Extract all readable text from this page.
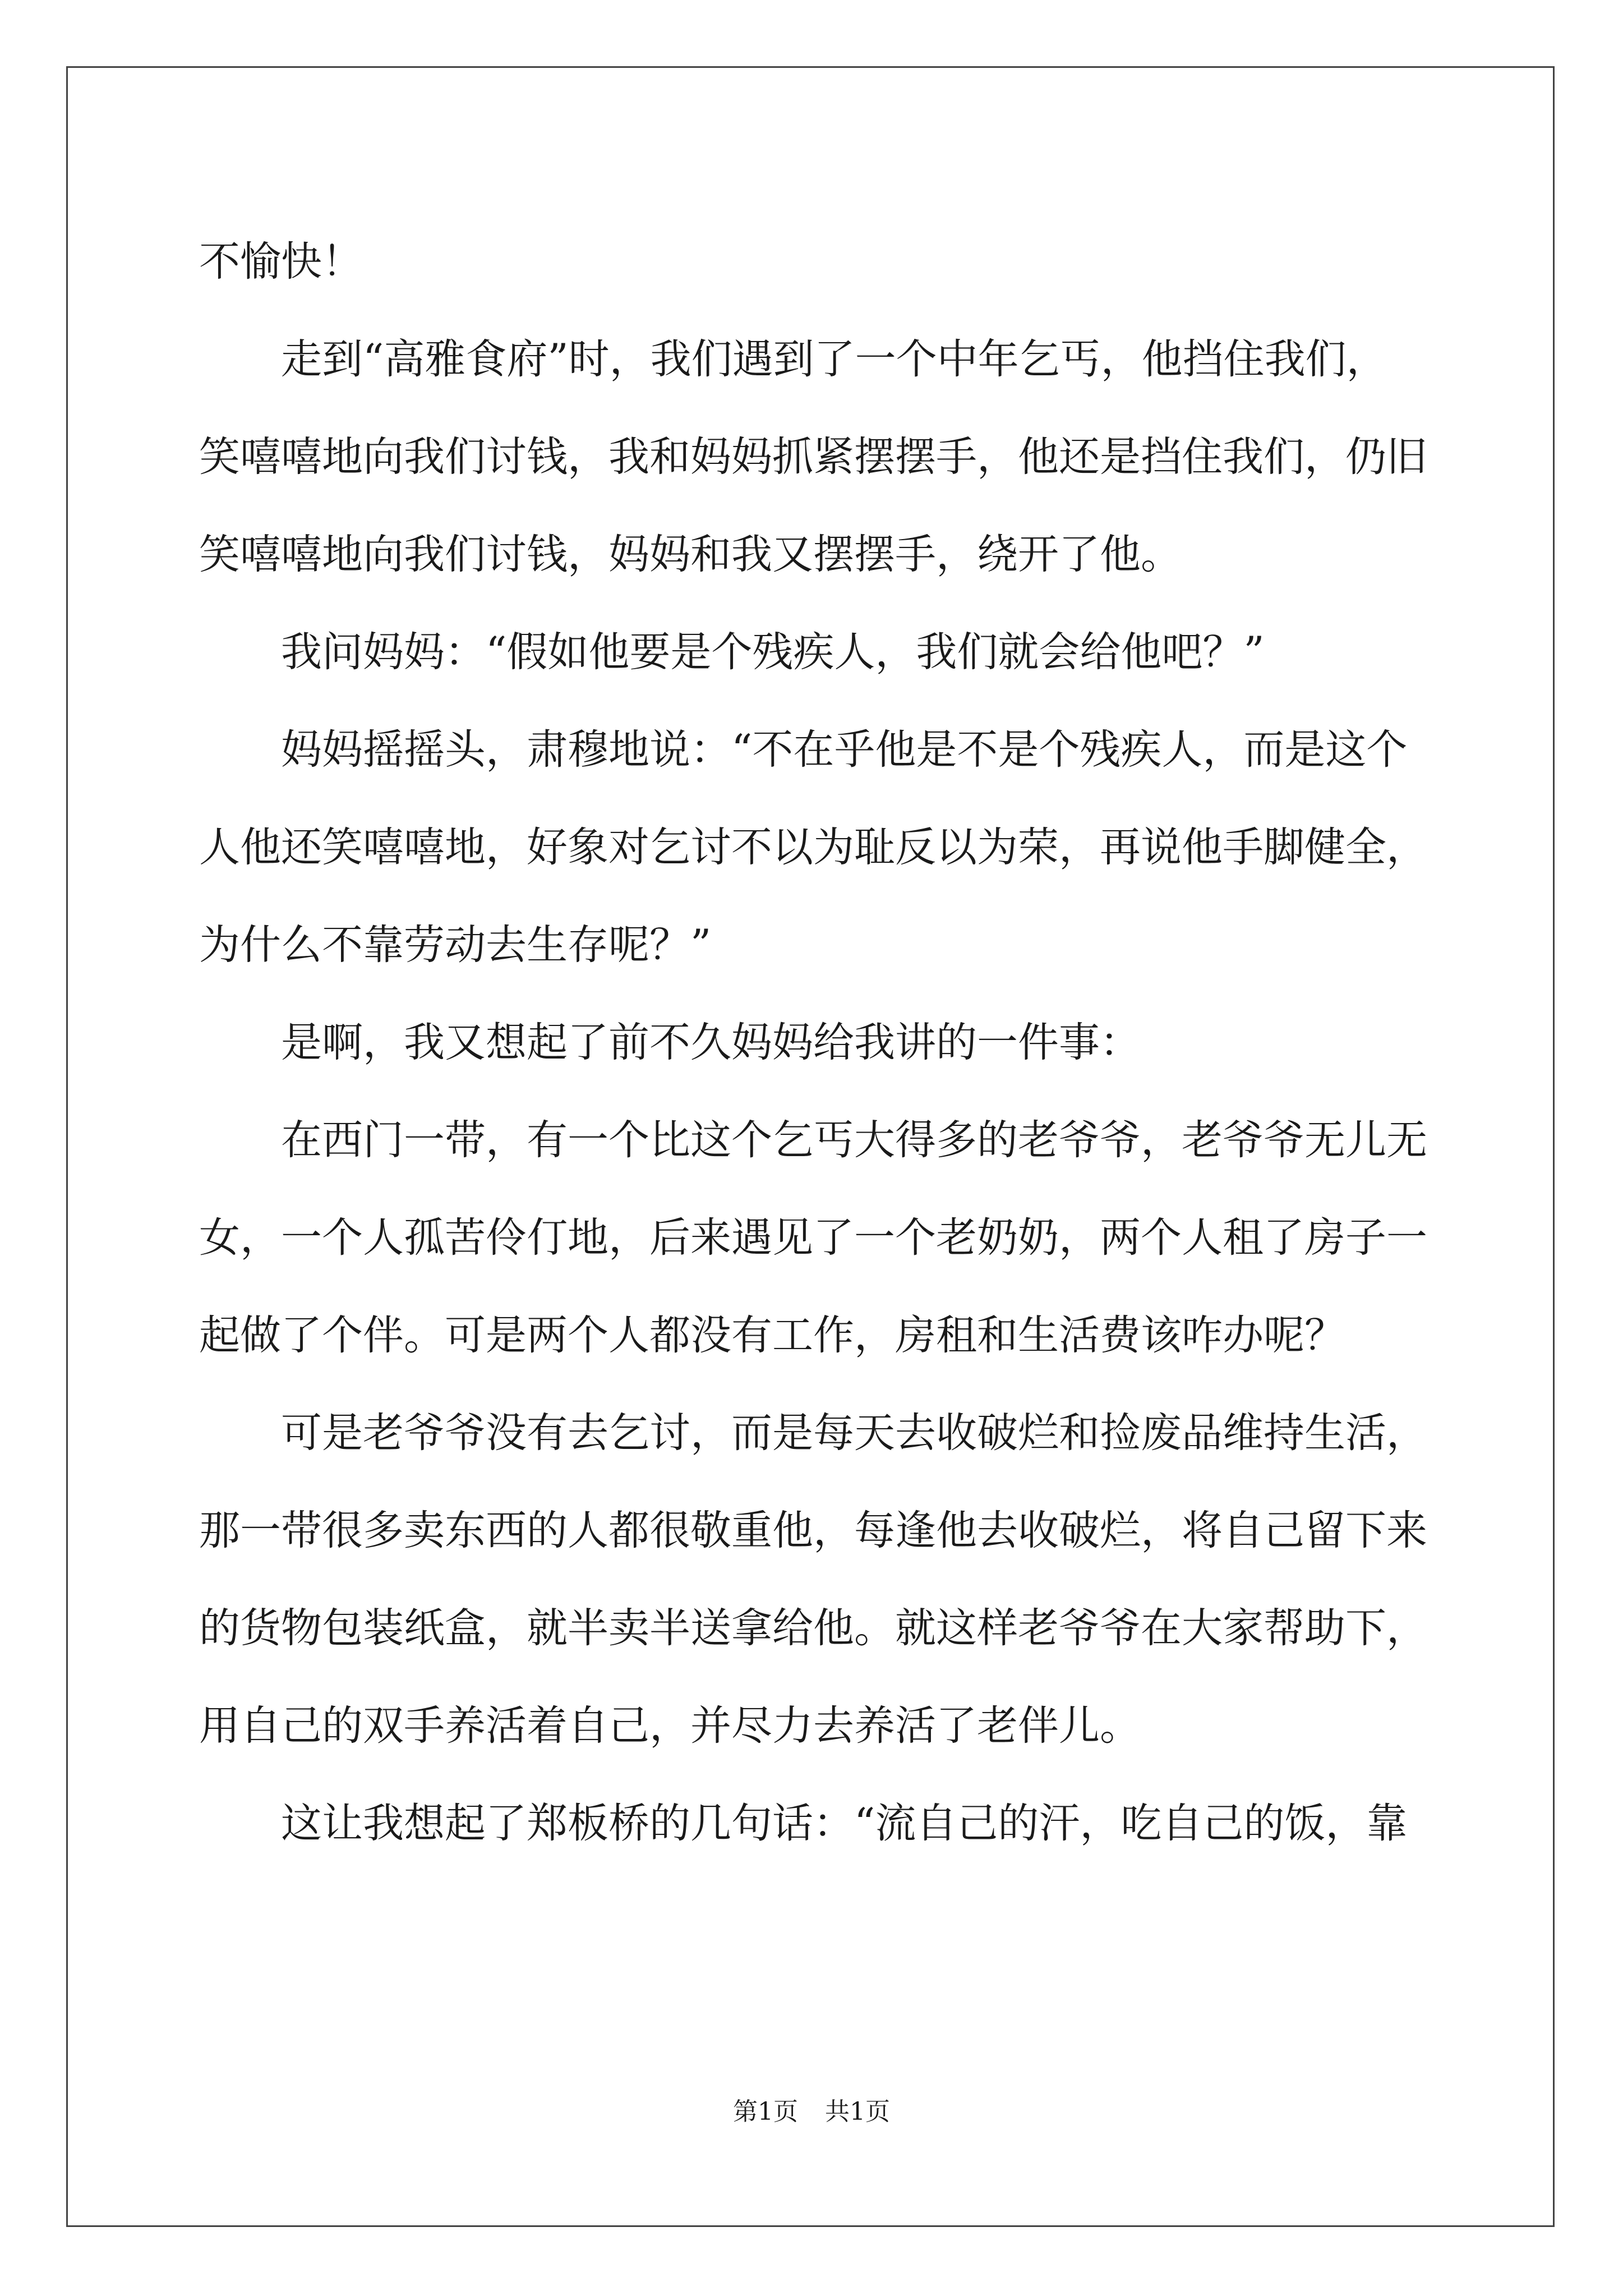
不愉快！
走到“高雅食府”时，我们遇到了一个中年乞丐，他挡住我们，
笑嘻嘻地向我们讨钱，我和妈妈抓紧摆摆手，他还是挡住我们，仍旧
笑嘻嘻地向我们讨钱，妈妈和我又摆摆手，绕开了他。
我问妈妈：“假如他要是个残疾人，我们就会给他吧？”
妈妈摇摇头，肃穆地说：“不在乎他是不是个残疾人，而是这个
人他还笑嘻嘻地，好象对乞讨不以为耻反以为荣，再说他手脚健全，
为什么不靠劳动去生存呢？”
是啊，我又想起了前不久妈妈给我讲的一件事：
在西门一带，有一个比这个乞丐大得多的老爷爷，老爷爷无儿无
女，一个人孤苦伶仃地，后来遇见了一个老奶奶，两个人租了房子一
起做了个伴。可是两个人都没有工作，房租和生活费该咋办呢？
可是老爷爷没有去乞讨，而是每天去收破烂和捡废品维持生活，
那一带很多卖东西的人都很敬重他，每逢他去收破烂，将自己留下来
的货物包装纸盒，就半卖半送拿给他。就这样老爷爷在大家帮助下，
用自己的双手养活着自己，并尽力去养活了老伴儿。
这让我想起了郑板桥的几句话：“流自己的汗，吃自己的饭，靠
第1页 共1页
